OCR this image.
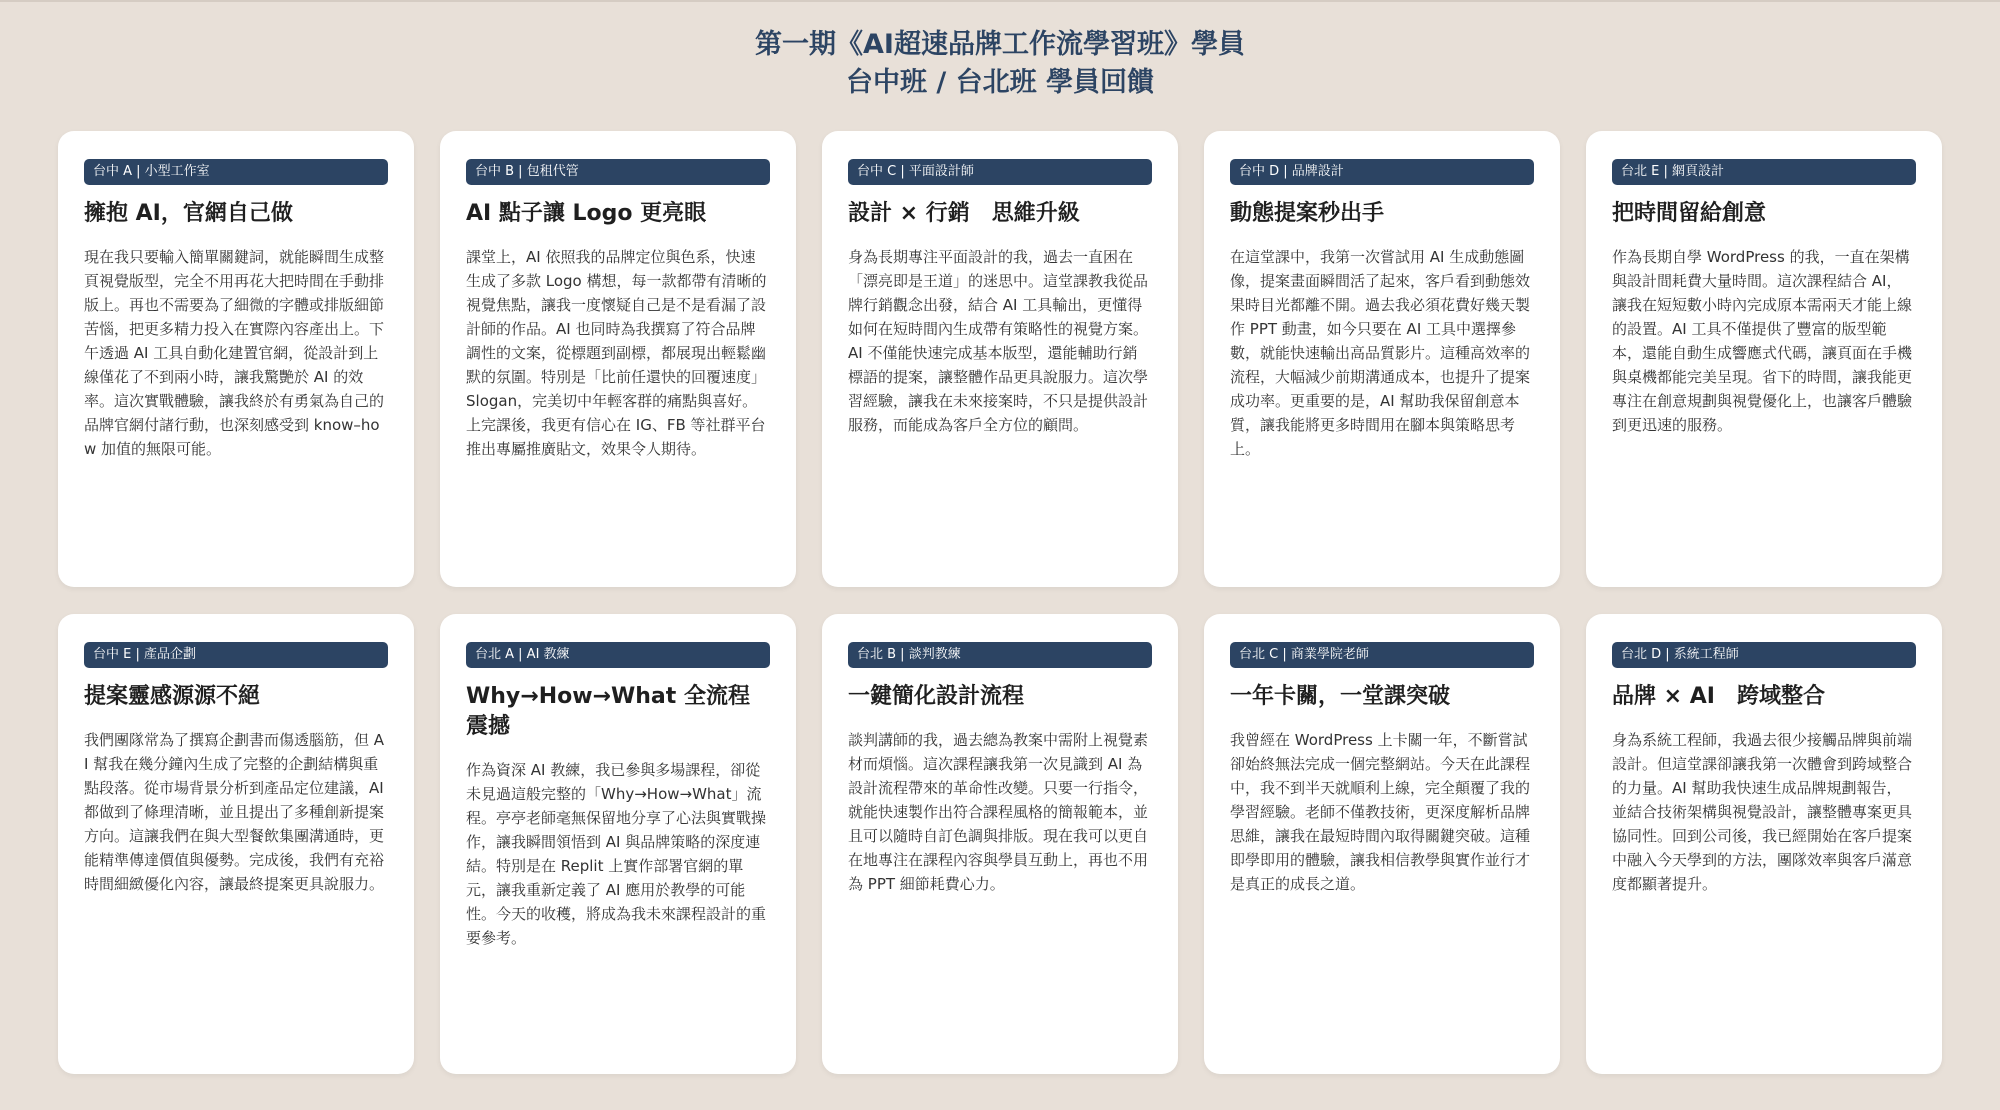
第一期《AI超速品牌工作流學習班》學員
台中班 / 台北班 學員回饋
台中 A | 小型工作室
擁抱 AI，官網自己做

現在我只要輸入簡單關鍵詞，就能瞬間生成整頁視覺版型，完全不用再花大把時間在手動排版上。再也不需要為了細微的字體或排版細節苦惱，把更多精力投入在實際內容產出上。下午透過 AI 工具自動化建置官網，從設計到上線僅花了不到兩小時，讓我驚艷於 AI 的效率。這次實戰體驗，讓我終於有勇氣為自己的品牌官網付諸行動，也深刻感受到 know–how 加值的無限可能。

台中 B | 包租代管
AI 點子讓 Logo 更亮眼

課堂上，AI 依照我的品牌定位與色系，快速生成了多款 Logo 構想，每一款都帶有清晰的視覺焦點，讓我一度懷疑自己是不是看漏了設計師的作品。AI 也同時為我撰寫了符合品牌調性的文案，從標題到副標，都展現出輕鬆幽默的氛圍。特別是「比前任還快的回覆速度」Slogan，完美切中年輕客群的痛點與喜好。上完課後，我更有信心在 IG、FB 等社群平台推出專屬推廣貼文，效果令人期待。

台中 C | 平面設計師
設計 × 行銷　思維升級

身為長期專注平面設計的我，過去一直困在「漂亮即是王道」的迷思中。這堂課教我從品牌行銷觀念出發，結合 AI 工具輸出，更懂得如何在短時間內生成帶有策略性的視覺方案。AI 不僅能快速完成基本版型，還能輔助行銷標語的提案，讓整體作品更具說服力。這次學習經驗，讓我在未來接案時，不只是提供設計服務，而能成為客戶全方位的顧問。

台中 D | 品牌設計
動態提案秒出手

在這堂課中，我第一次嘗試用 AI 生成動態圖像，提案畫面瞬間活了起來，客戶看到動態效果時目光都離不開。過去我必須花費好幾天製作 PPT 動畫，如今只要在 AI 工具中選擇參數，就能快速輸出高品質影片。這種高效率的流程，大幅減少前期溝通成本，也提升了提案成功率。更重要的是，AI 幫助我保留創意本質，讓我能將更多時間用在腳本與策略思考上。

台北 E | 網頁設計
把時間留給創意

作為長期自學 WordPress 的我，一直在架構與設計間耗費大量時間。這次課程結合 AI，讓我在短短數小時內完成原本需兩天才能上線的設置。AI 工具不僅提供了豐富的版型範本，還能自動生成響應式代碼，讓頁面在手機與桌機都能完美呈現。省下的時間，讓我能更專注在創意規劃與視覺優化上，也讓客戶體驗到更迅速的服務。

台中 E | 產品企劃
提案靈感源源不絕

我們團隊常為了撰寫企劃書而傷透腦筋，但 AI 幫我在幾分鐘內生成了完整的企劃結構與重點段落。從市場背景分析到產品定位建議，AI 都做到了條理清晰，並且提出了多種創新提案方向。這讓我們在與大型餐飲集團溝通時，更能精準傳達價值與優勢。完成後，我們有充裕時間細緻優化內容，讓最終提案更具說服力。

台北 A | AI 教練
Why→How→What 全流程震撼

作為資深 AI 教練，我已參與多場課程，卻從未見過這般完整的「Why→How→What」流程。亭亭老師毫無保留地分享了心法與實戰操作，讓我瞬間領悟到 AI 與品牌策略的深度連結。特別是在 Replit 上實作部署官網的單元，讓我重新定義了 AI 應用於教學的可能性。今天的收穫，將成為我未來課程設計的重要參考。

台北 B | 談判教練
一鍵簡化設計流程

談判講師的我，過去總為教案中需附上視覺素材而煩惱。這次課程讓我第一次見識到 AI 為設計流程帶來的革命性改變。只要一行指令，就能快速製作出符合課程風格的簡報範本，並且可以隨時自訂色調與排版。現在我可以更自在地專注在課程內容與學員互動上，再也不用為 PPT 細節耗費心力。

台北 C | 商業學院老師
一年卡關，一堂課突破

我曾經在 WordPress 上卡關一年，不斷嘗試卻始終無法完成一個完整網站。今天在此課程中，我不到半天就順利上線，完全顛覆了我的學習經驗。老師不僅教技術，更深度解析品牌思維，讓我在最短時間內取得關鍵突破。這種即學即用的體驗，讓我相信教學與實作並行才是真正的成長之道。

台北 D | 系統工程師
品牌 × AI　跨域整合

身為系統工程師，我過去很少接觸品牌與前端設計。但這堂課卻讓我第一次體會到跨域整合的力量。AI 幫助我快速生成品牌規劃報告，並結合技術架構與視覺設計，讓整體專案更具協同性。回到公司後，我已經開始在客戶提案中融入今天學到的方法，團隊效率與客戶滿意度都顯著提升。
